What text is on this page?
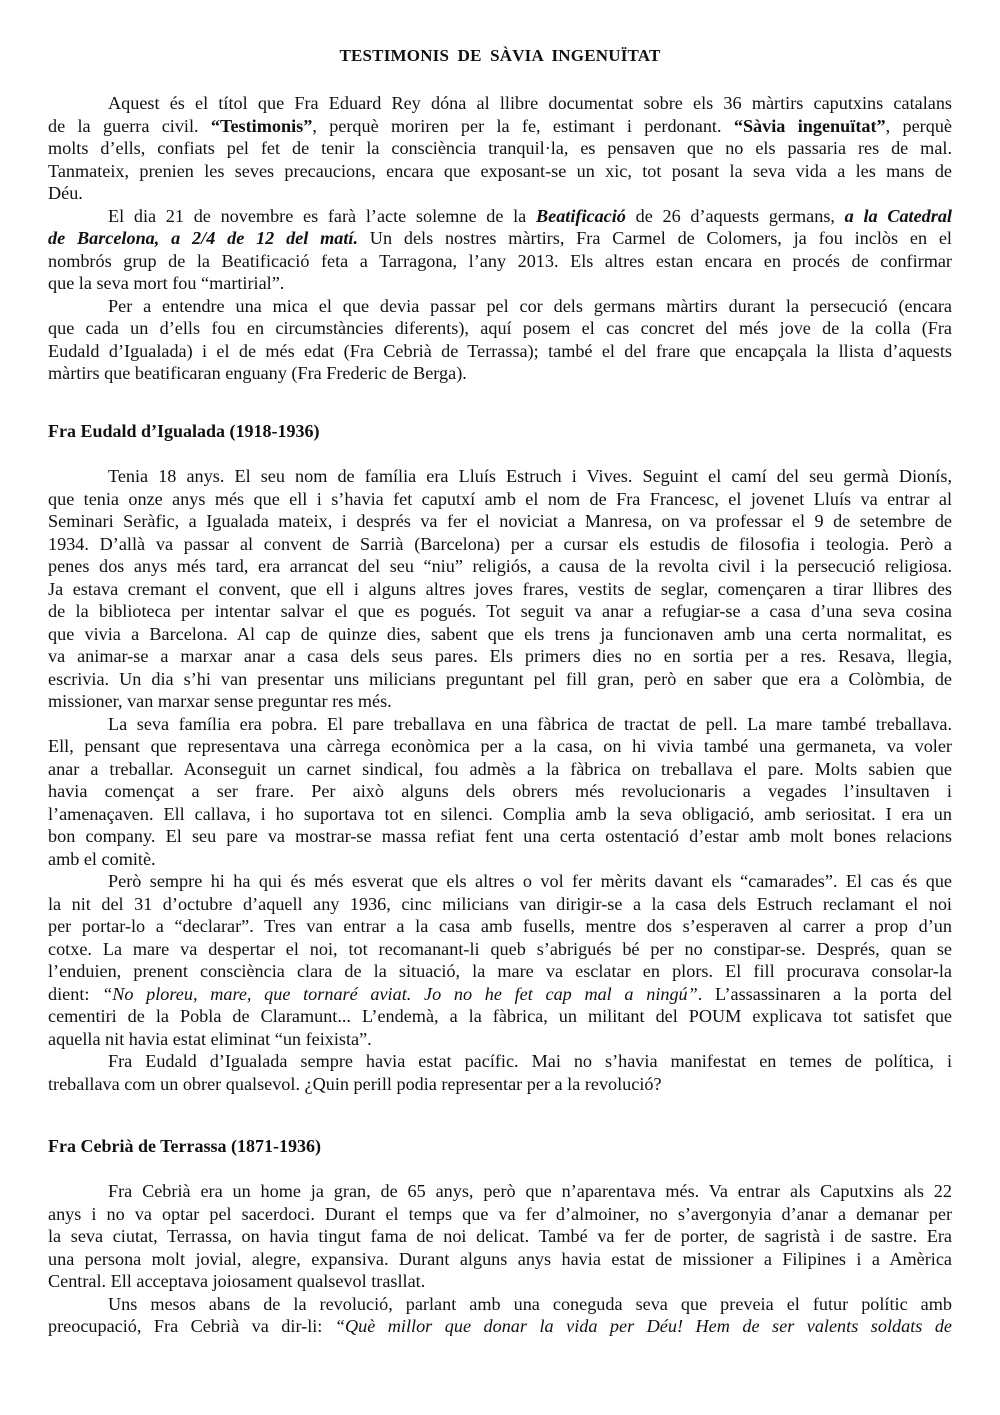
TESTIMONIS DE SÀVIA INGENUÏTAT
Aquest és el títol que Fra Eduard Rey dóna al llibre documentat sobre els 36 màrtirs caputxins catalans
de la guerra civil. “Testimonis”, perquè moriren per la fe, estimant i perdonant. “Sàvia ingenuïtat”, perquè
molts d’ells, confiats pel fet de tenir la consciència tranquil·la, es pensaven que no els passaria res de mal.
Tanmateix, prenien les seves precaucions, encara que exposant-se un xic, tot posant la seva vida a les mans de
Déu.
El dia 21 de novembre es farà l’acte solemne de la Beatificació de 26 d’aquests germans, a la Catedral
de Barcelona, a 2/4 de 12 del matí. Un dels nostres màrtirs, Fra Carmel de Colomers, ja fou inclòs en el
nombrós grup de la Beatificació feta a Tarragona, l’any 2013. Els altres estan encara en procés de confirmar
que la seva mort fou “martirial”.
Per a entendre una mica el que devia passar pel cor dels germans màrtirs durant la persecució (encara
que cada un d’ells fou en circumstàncies diferents), aquí posem el cas concret del més jove de la colla (Fra
Eudald d’Igualada) i el de més edat (Fra Cebrià de Terrassa); també el del frare que encapçala la llista d’aquests
màrtirs que beatificaran enguany (Fra Frederic de Berga).
Fra Eudald d’Igualada (1918-1936)
Tenia 18 anys. El seu nom de família era Lluís Estruch i Vives. Seguint el camí del seu germà Dionís,
que tenia onze anys més que ell i s’havia fet caputxí amb el nom de Fra Francesc, el jovenet Lluís va entrar al
Seminari Seràfic, a Igualada mateix, i després va fer el noviciat a Manresa, on va professar el 9 de setembre de
1934. D’allà va passar al convent de Sarrià (Barcelona) per a cursar els estudis de filosofia i teologia. Però a
penes dos anys més tard, era arrancat del seu “niu” religiós, a causa de la revolta civil i la persecució religiosa.
Ja estava cremant el convent, que ell i alguns altres joves frares, vestits de seglar, començaren a tirar llibres des
de la biblioteca per intentar salvar el que es pogués. Tot seguit va anar a refugiar-se a casa d’una seva cosina
que vivia a Barcelona. Al cap de quinze dies, sabent que els trens ja funcionaven amb una certa normalitat, es
va animar-se a marxar anar a casa dels seus pares. Els primers dies no en sortia per a res. Resava, llegia,
escrivia. Un dia s’hi van presentar uns milicians preguntant pel fill gran, però en saber que era a Colòmbia, de
missioner, van marxar sense preguntar res més.
La seva família era pobra. El pare treballava en una fàbrica de tractat de pell. La mare també treballava.
Ell, pensant que representava una càrrega econòmica per a la casa, on hi vivia també una germaneta, va voler
anar a treballar. Aconseguit un carnet sindical, fou admès a la fàbrica on treballava el pare. Molts sabien que
havia començat a ser frare. Per això alguns dels obrers més revolucionaris a vegades l’insultaven i
l’amenaçaven. Ell callava, i ho suportava tot en silenci. Complia amb la seva obligació, amb seriositat. I era un
bon company. El seu pare va mostrar-se massa refiat fent una certa ostentació d’estar amb molt bones relacions
amb el comitè.
Però sempre hi ha qui és més esverat que els altres o vol fer mèrits davant els “camarades”. El cas és que
la nit del 31 d’octubre d’aquell any 1936, cinc milicians van dirigir-se a la casa dels Estruch reclamant el noi
per portar-lo a “declarar”. Tres van entrar a la casa amb fusells, mentre dos s’esperaven al carrer a prop d’un
cotxe. La mare va despertar el noi, tot recomanant-li queb s’abrigués bé per no constipar-se. Després, quan se
l’enduien, prenent consciència clara de la situació, la mare va esclatar en plors. El fill procurava consolar-la
dient: “No ploreu, mare, que tornaré aviat. Jo no he fet cap mal a ningú”. L’assassinaren a la porta del
cementiri de la Pobla de Claramunt... L’endemà, a la fàbrica, un militant del POUM explicava tot satisfet que
aquella nit havia estat eliminat “un feixista”.
Fra Eudald d’Igualada sempre havia estat pacífic. Mai no s’havia manifestat en temes de política, i
treballava com un obrer qualsevol. ¿Quin perill podia representar per a la revolució?
Fra Cebrià de Terrassa (1871-1936)
Fra Cebrià era un home ja gran, de 65 anys, però que n’aparentava més. Va entrar als Caputxins als 22
anys i no va optar pel sacerdoci. Durant el temps que va fer d’almoiner, no s’avergonyia d’anar a demanar per
la seva ciutat, Terrassa, on havia tingut fama de noi delicat. També va fer de porter, de sagristà i de sastre. Era
una persona molt jovial, alegre, expansiva. Durant alguns anys havia estat de missioner a Filipines i a Amèrica
Central. Ell acceptava joiosament qualsevol trasllat.
Uns mesos abans de la revolució, parlant amb una coneguda seva que preveia el futur polític amb
preocupació, Fra Cebrià va dir-li: “Què millor que donar la vida per Déu! Hem de ser valents soldats de
